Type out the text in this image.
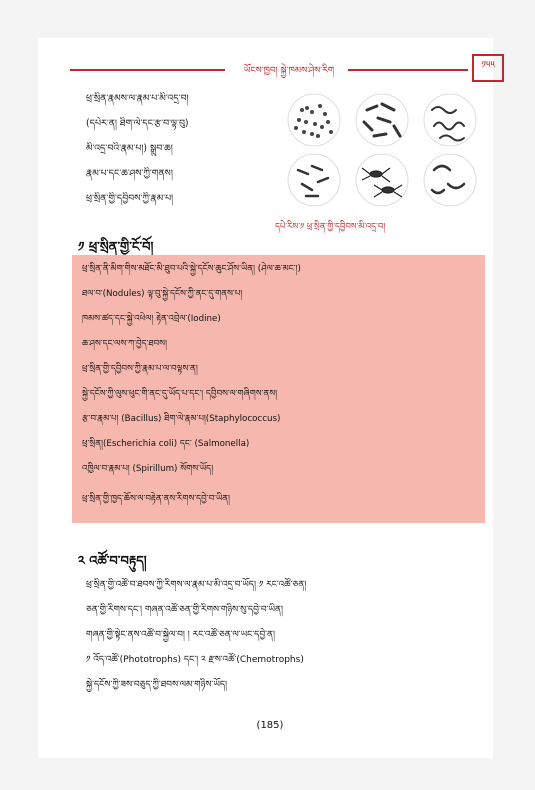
ཡོངས་ཁྱབ། སྐྱེ་ཁམས་ཤེས་རིག	༡༥༥
ཕྲ་སྲིན་རྣམས་ལ་རྣམ་པ་མི་འདྲ་བ།
(དཔེར་ན། ཐིག་ལེ་དང་རྩ་བ་ལྟ་བུ)
མི་འདྲ་བའི་རྣམ་པ།) སྒྲུབ་ཆ།
རྣམ་པ་དང་ཆ་ཤས་ཀྱི་གནས།
ཕྲ་སྲིན་གྱི་དབྱིབས་ཀྱི་རྣམ་པ།
དཔེ་རིས་༡ ཕྲ་སྲིན་གྱི་དབྱིབས་མི་འདྲ་བ།
༡ ཕྲ་སྲིན་གྱི་ངོ་བོ།
ཕྲ་སྲིན་ནི་མིག་གིས་མཐོང་མི་ཐུབ་པའི་སྐྱེ་དངོས་ཆུང་ཤོས་ཡིན། (ཤེལ་ཆ་མང་།)
ཐལ་བ་(Nodules) ལྟ་བུ་སྐྱེ་དངོས་ཀྱི་ནང་དུ་གནས་པ།
ཁམས་ཚད་དང་སྐྱེ་འཕེལ། རྟེན་འབྲེལ་(Iodine)
ཆ་ཤས་དང་ལས་ཀ་བྱེད་ཐབས།
ཕྲ་སྲིན་གྱི་དབྱིབས་ཀྱི་རྣམ་པ་ལ་བལྟས་ན།
སྐྱེ་དངོས་ཀྱི་ལུས་ཕུང་གི་ནང་དུ་ཡོད་པ་དང་། དབྱིབས་ལ་གཞིགས་ནས།
རྩ་བ་རྣམ་པ། (Bacillus) ཐིག་ལེ་རྣམ་པ།(Staphylococcus)
ཕྲ་སྲིན།(Escherichia coli) དང་ (Salmonella)
འཁྱིལ་བ་རྣམ་པ། (Spirillum) སོགས་ཡོད།
ཕྲ་སྲིན་གྱི་ཁྱད་ཆོས་ལ་བརྟེན་ནས་རིགས་དབྱེ་བ་ཡིན།
༢ འཚོ་བ་བརྟུད།
ཕྲ་སྲིན་གྱི་འཚོ་བ་ཐབས་ཀྱི་རིགས་ལ་རྣམ་པ་མི་འདྲ་བ་ཡོད། ༡ རང་འཚོ་ཅན།
ཅན་གྱི་རིགས་དང་། གཞན་འཚོ་ཅན་གྱི་རིགས་གཉིས་སུ་དབྱེ་བ་ཡིན།
གཞན་གྱི་སྟེང་ནས་འཚོ་བ་སྐྱེལ་བ། ། རང་འཚོ་ཅན་ལ་ཡང་དབྱེ་ན།
༡ འོད་འཚོ་(Phototrophs) དང་། ༢ རྫས་འཚོ་(Chemotrophs)
སྐྱེ་དངོས་ཀྱི་ཟས་བཅུད་ཀྱི་ཐབས་ལམ་གཉིས་ཡོད།
(185)
